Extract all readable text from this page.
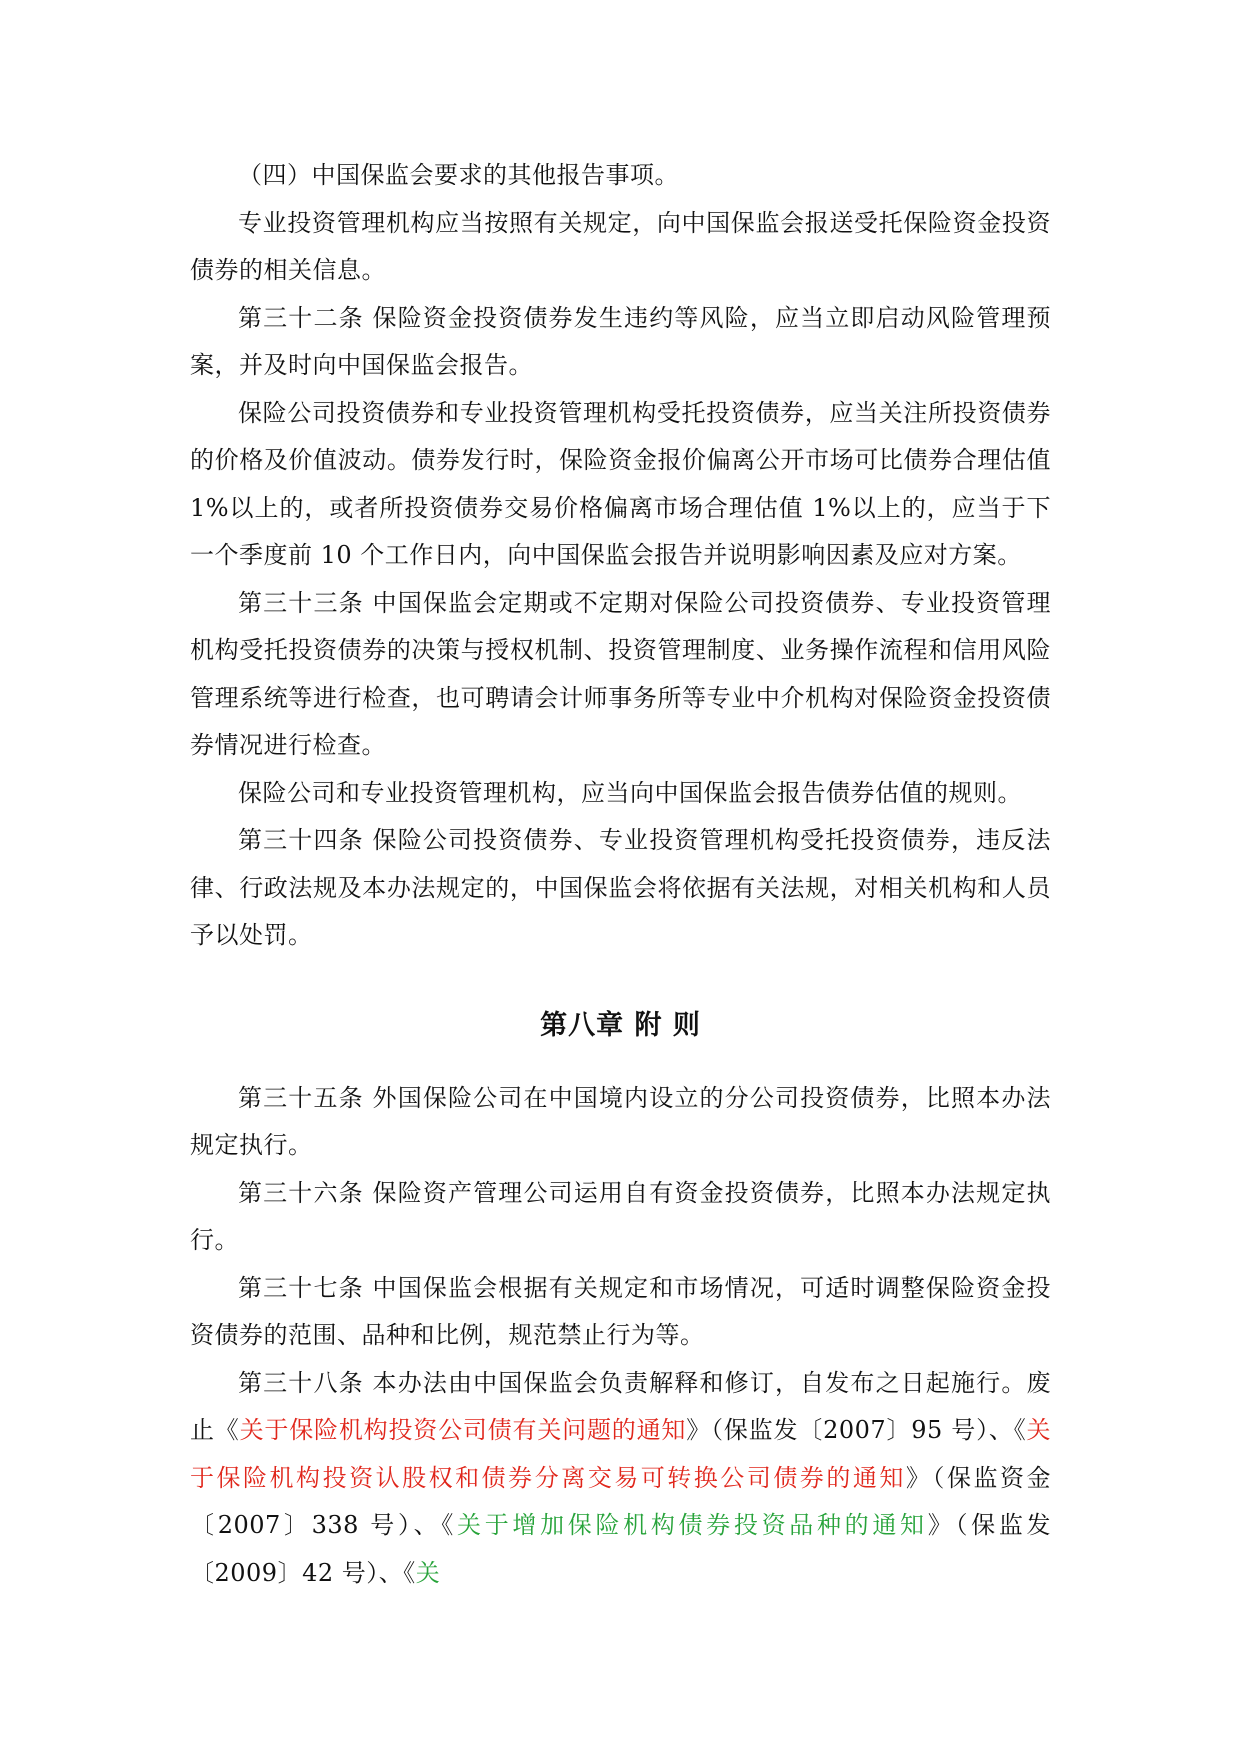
（四）中国保监会要求的其他报告事项。

专业投资管理机构应当按照有关规定，向中国保监会报送受托保险资金投资债券的相关信息。

第三十二条 保险资金投资债券发生违约等风险，应当立即启动风险管理预案，并及时向中国保监会报告。

保险公司投资债券和专业投资管理机构受托投资债券，应当关注所投资债券的价格及价值波动。债券发行时，保险资金报价偏离公开市场可比债券合理估值1%以上的，或者所投资债券交易价格偏离市场合理估值 1%以上的，应当于下一个季度前 10 个工作日内，向中国保监会报告并说明影响因素及应对方案。

第三十三条 中国保监会定期或不定期对保险公司投资债券、专业投资管理机构受托投资债券的决策与授权机制、投资管理制度、业务操作流程和信用风险管理系统等进行检查，也可聘请会计师事务所等专业中介机构对保险资金投资债券情况进行检查。

保险公司和专业投资管理机构，应当向中国保监会报告债券估值的规则。

第三十四条 保险公司投资债券、专业投资管理机构受托投资债券，违反法律、行政法规及本办法规定的，中国保监会将依据有关法规，对相关机构和人员予以处罚。

第八章 附 则

第三十五条 外国保险公司在中国境内设立的分公司投资债券，比照本办法规定执行。

第三十六条 保险资产管理公司运用自有资金投资债券，比照本办法规定执行。

第三十七条 中国保监会根据有关规定和市场情况，可适时调整保险资金投资债券的范围、品种和比例，规范禁止行为等。

第三十八条 本办法由中国保监会负责解释和修订，自发布之日起施行。废止《关于保险机构投资公司债有关问题的通知》（保监发〔2007〕95 号）、《关于保险机构投资认股权和债券分离交易可转换公司债券的通知》（保监资金〔2007〕338 号）、《关于增加保险机构债券投资品种的通知》（保监发〔2009〕42 号）、《关
